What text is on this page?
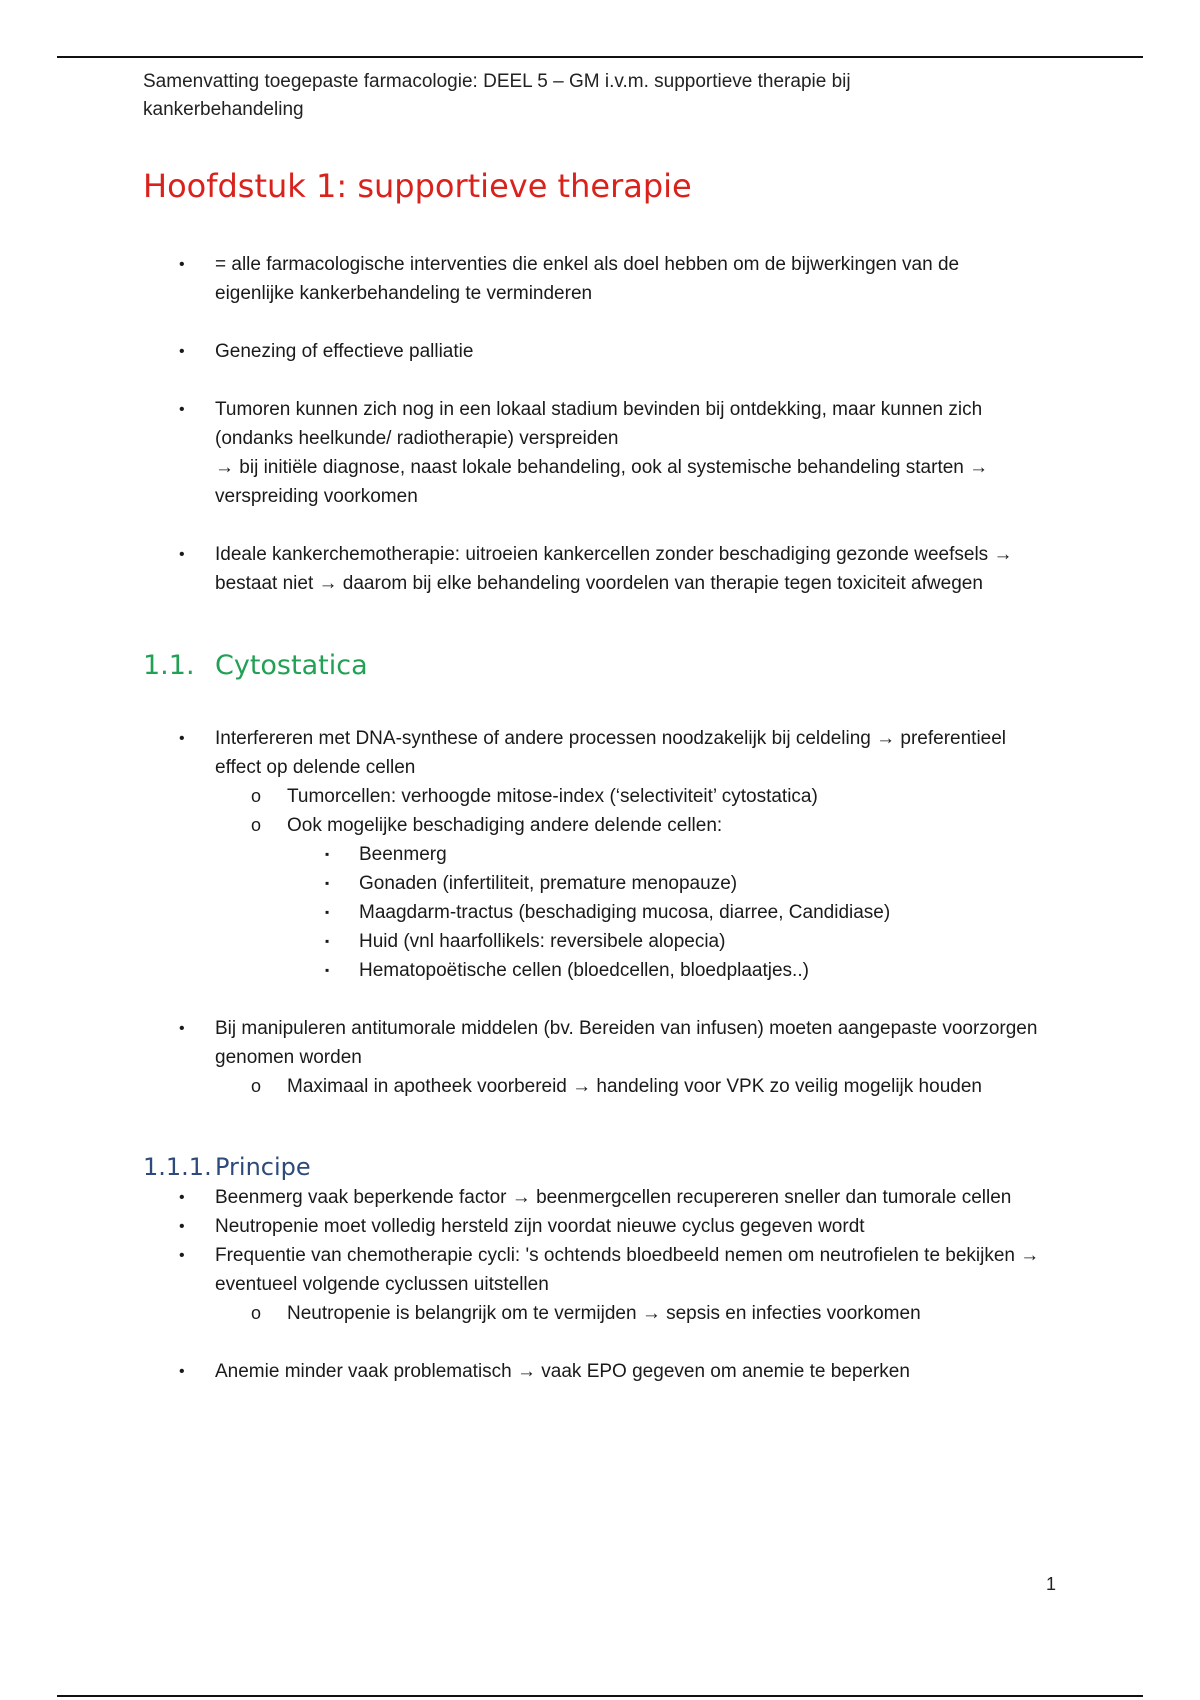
Samenvatting toegepaste farmacologie: DEEL 5 – GM i.v.m. supportieve therapie bij kankerbehandeling

Hoofdstuk 1: supportieve therapie
• = alle farmacologische interventies die enkel als doel hebben om de bijwerkingen van de eigenlijke kankerbehandeling te verminderen
• Genezing of effectieve palliatie
• Tumoren kunnen zich nog in een lokaal stadium bevinden bij ontdekking, maar kunnen zich (ondanks heelkunde/ radiotherapie) verspreiden
→ bij initiële diagnose, naast lokale behandeling, ook al systemische behandeling starten → verspreiding voorkomen
• Ideale kankerchemotherapie: uitroeien kankercellen zonder beschadiging gezonde weefsels → bestaat niet → daarom bij elke behandeling voordelen van therapie tegen toxiciteit afwegen
1.1. Cytostatica
• Interfereren met DNA-synthese of andere processen noodzakelijk bij celdeling → preferentieel effect op delende cellen
o Tumorcellen: verhoogde mitose-index (‘selectiviteit’ cytostatica)
o Ook mogelijke beschadiging andere delende cellen:
▪ Beenmerg
▪ Gonaden (infertiliteit, premature menopauze)
▪ Maagdarm-tractus (beschadiging mucosa, diarree, Candidiase)
▪ Huid (vnl haarfollikels: reversibele alopecia)
▪ Hematopoëtische cellen (bloedcellen, bloedplaatjes..)
• Bij manipuleren antitumorale middelen (bv. Bereiden van infusen) moeten aangepaste voorzorgen genomen worden
o Maximaal in apotheek voorbereid → handeling voor VPK zo veilig mogelijk houden
1.1.1. Principe
• Beenmerg vaak beperkende factor → beenmergcellen recupereren sneller dan tumorale cellen
• Neutropenie moet volledig hersteld zijn voordat nieuwe cyclus gegeven wordt
• Frequentie van chemotherapie cycli: 's ochtends bloedbeeld nemen om neutrofielen te bekijken → eventueel volgende cyclussen uitstellen
o Neutropenie is belangrijk om te vermijden → sepsis en infecties voorkomen
• Anemie minder vaak problematisch → vaak EPO gegeven om anemie te beperken
1
